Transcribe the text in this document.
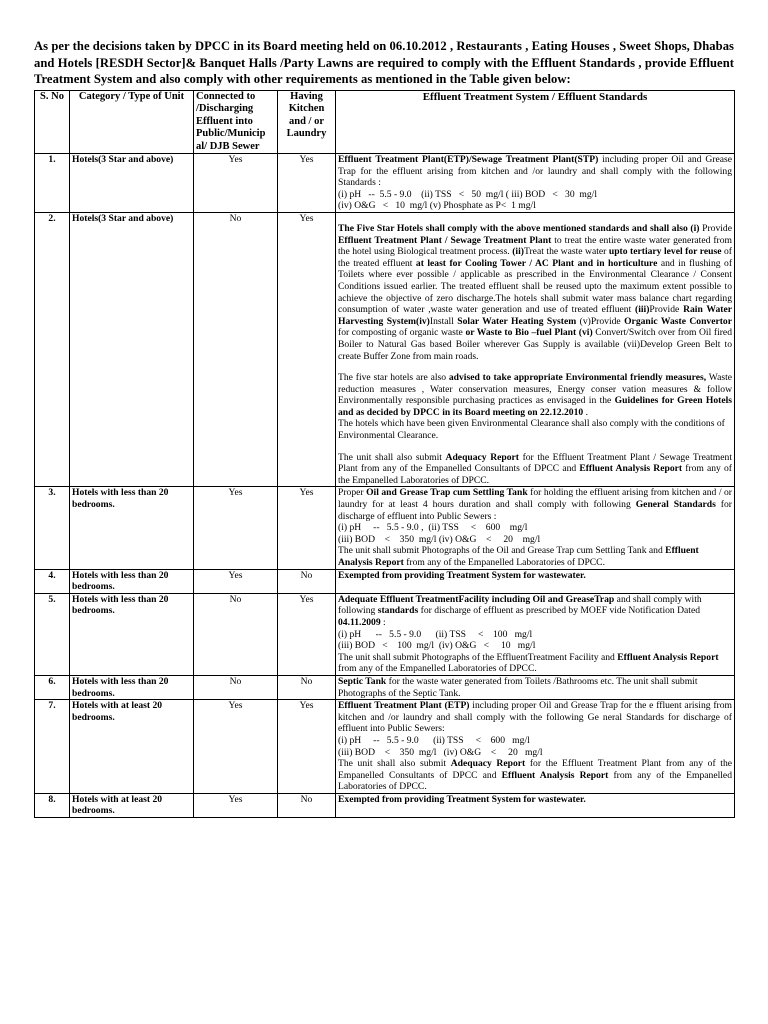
As per the decisions taken by DPCC in its Board meeting held on 06.10.2012 , Restaurants , Eating Houses , Sweet Shops, Dhabas and Hotels [RESDH Sector]& Banquet Halls /Party Lawns are required to comply with the Effluent Standards , provide Effluent Treatment System and also comply with other requirements as mentioned in the Table given below:

S. No	Category / Type of Unit	Connected to /Discharging Effluent into Public/Municip al/ DJB Sewer	Having Kitchen and / or Laundry	Effluent Treatment System / Effluent Standards
1.	Hotels(3 Star and above)	Yes	Yes	Effluent Treatment Plant(ETP)/Sewage Treatment Plant(STP) including proper Oil and Grease Trap for the effluent arising from kitchen and /or laundry and shall comply with the following Standards :

(i) pH   --  5.5 - 9.0    (ii) TSS   <   50  mg/l ( iii) BOD   <   30  mg/l

(iv) O&G   <   10  mg/l (v) Phosphate as P<  1 mg/l

2.	Hotels(3 Star and above)	No	Yes	The Five Star Hotels shall comply with the above mentioned standards and shall also (i) Provide Effluent Treatment Plant / Sewage Treatment Plant to treat the entire waste water generated from the hotel using Biological treatment process. (ii)Treat the waste water upto tertiary level for reuse of the treated effluent at least for Cooling Tower / AC Plant and in horticulture and in flushing of Toilets where ever possible / applicable as prescribed in the Environmental Clearance / Consent Conditions issued earlier. The treated effluent shall be reused upto the maximum extent possible to achieve the objective of zero discharge.The hotels shall submit water mass balance chart regarding consumption of water ,waste water generation and use of treated effluent (iii)Provide Rain Water Harvesting System(iv)Install Solar Water Heating System (v)Provide Organic Waste Convertor for composting of organic waste or Waste to Bio –fuel Plant (vi) Convert/Switch over from Oil fired Boiler to Natural Gas based Boiler wherever Gas Supply is available (vii)Develop Green Belt to create Buffer Zone from main roads.

The five star hotels are also advised to take appropriate Environmental friendly measures, Waste reduction measures , Water conservation measures, Energy conser vation measures & follow Environmentally responsible purchasing practices as envisaged in the Guidelines for Green Hotels and as decided by DPCC in its Board meeting on 22.12.2010 .

The hotels which have been given Environmental Clearance shall also comply with the conditions of Environmental Clearance.

The unit shall also submit Adequacy Report for the Effluent Treatment Plant / Sewage Treatment Plant from any of the Empanelled Consultants of DPCC and Effluent Analysis Report from any of the Empanelled Laboratories of DPCC.

3.	Hotels with less than 20 bedrooms.	Yes	Yes	Proper Oil and Grease Trap cum Settling Tank for holding the effluent arising from kitchen and / or laundry for at least 4 hours duration and shall comply with following General Standards for discharge of effluent into Public Sewers :

(i) pH     --   5.5 - 9.0 ,  (ii) TSS     <    600    mg/l

(iii) BOD    <    350  mg/l (iv) O&G    <     20    mg/l

The unit shall submit Photographs of the Oil and Grease Trap cum Settling Tank and Effluent Analysis Report from any of the Empanelled Laboratories of DPCC.

4.	Hotels with less than 20 bedrooms.	Yes	No	Exempted from providing Treatment System for wastewater.

5.	Hotels with less than 20 bedrooms.	No	Yes	Adequate Effluent TreatmentFacility including Oil and GreaseTrap and shall comply with following standards for discharge of effluent as prescribed by MOEF vide Notification Dated 04.11.2009 :

(i) pH      --   5.5 - 9.0      (ii) TSS     <    100   mg/l

(iii) BOD   <    100  mg/l  (iv) O&G   <     10   mg/l

The unit shall submit Photographs of the EffluentTreatment Facility and Effluent Analysis Report from any of the Empanelled Laboratories of DPCC.

6.	Hotels with less than 20 bedrooms.	No	No	Septic Tank for the waste water generated from Toilets /Bathrooms etc. The unit shall submit Photographs of the Septic Tank.

7.	Hotels with at least 20 bedrooms.	Yes	Yes	Effluent Treatment Plant (ETP) including proper Oil and Grease Trap for the e ffluent arising from kitchen and /or laundry and shall comply with the following Ge neral Standards for discharge of effluent into Public Sewers:

(i) pH     --   5.5 - 9.0      (ii) TSS     <    600   mg/l

(iii) BOD    <    350  mg/l   (iv) O&G    <     20   mg/l

The unit shall also submit Adequacy Report for the Effluent Treatment Plant from any of the Empanelled Consultants of DPCC and Effluent Analysis Report from any of the Empanelled Laboratories of DPCC.

8.	Hotels with at least 20 bedrooms.	Yes	No	Exempted from providing Treatment System for wastewater.
